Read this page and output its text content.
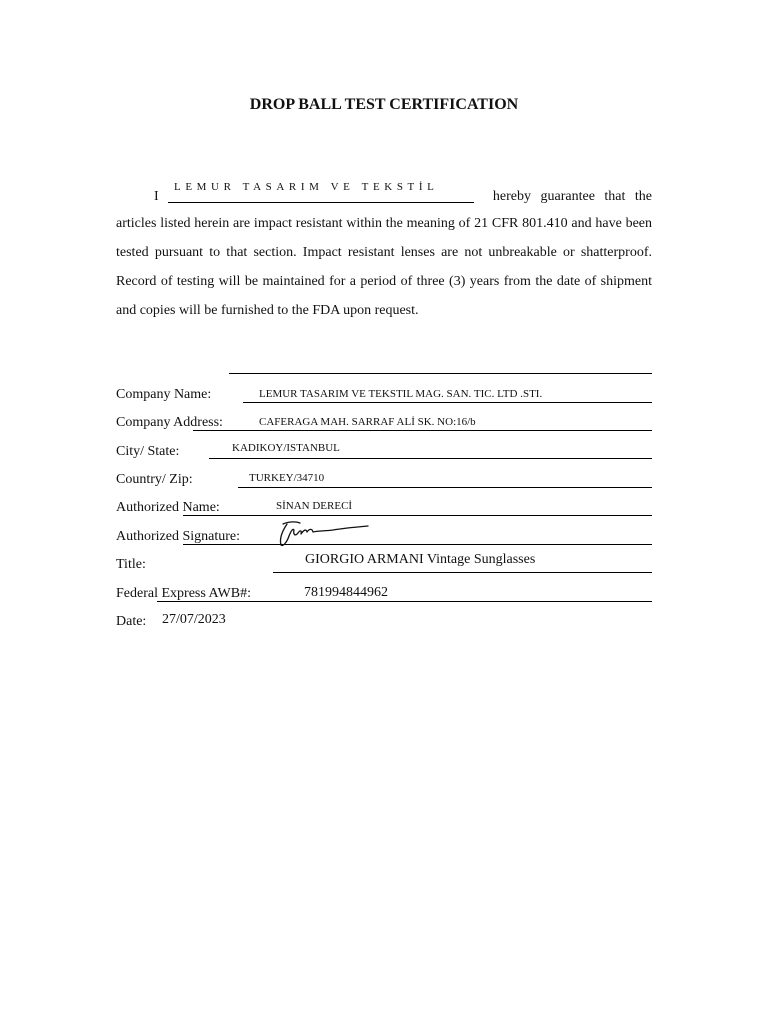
DROP BALL TEST CERTIFICATION
I
LEMUR TASARIM VE TEKSTİL
hereby guarantee that the

articles listed herein are impact resistant within the meaning of 21 CFR 801.410 and have been tested pursuant to that section. Impact resistant lenses are not unbreakable or shatterproof. Record of testing will be maintained for a period of three (3) years from the date of shipment and copies will be furnished to the FDA upon request.

Company Name:	LEMUR TASARIM VE TEKSTIL MAG. SAN. TIC. LTD .STI.
Company Address:	CAFERAGA MAH. SARRAF ALİ SK. NO:16/b
City/ State:	KADIKOY/ISTANBUL
Country/ Zip:	TURKEY/34710
Authorized Name:	SİNAN DERECİ
Authorized Signature:
Title:	GIORGIO ARMANI Vintage Sunglasses
Federal Express AWB#:	781994844962
Date: 27/07/2023
